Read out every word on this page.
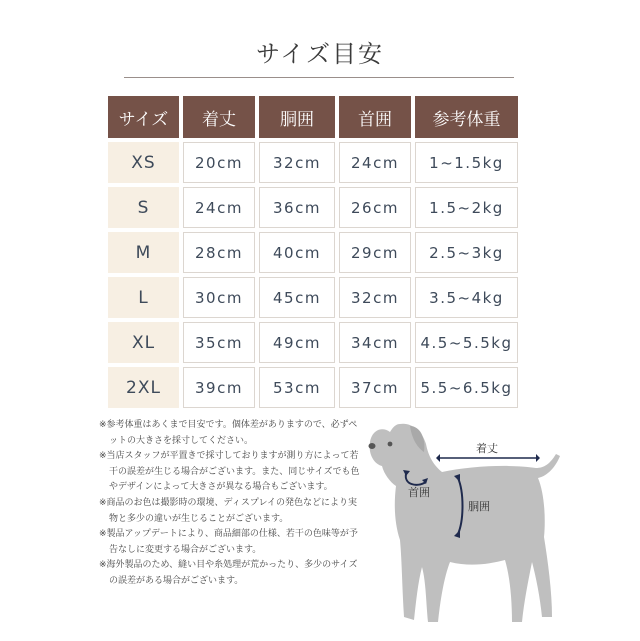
サイズ目安
サイズ	着丈	胴囲	首囲	参考体重
XS	20cm	32cm	24cm	1~1.5kg
S	24cm	36cm	26cm	1.5~2kg
M	28cm	40cm	29cm	2.5~3kg
L	30cm	45cm	32cm	3.5~4kg
XL	35cm	49cm	34cm	4.5~5.5kg
2XL	39cm	53cm	37cm	5.5~6.5kg

※参考体重はあくまで目安です。個体差がありますので、必ずペットの大きさを採寸してください。

※当店スタッフが平置きで採寸しておりますが測り方によって若干の誤差が生じる場合がございます。また、同じサイズでも色やデザインによって大きさが異なる場合もございます。

※商品のお色は撮影時の環境、ディスプレイの発色などにより実物と多少の違いが生じることがございます。

※製品アップデートにより、商品細部の仕様、若干の色味等が予告なしに変更する場合がございます。

※海外製品のため、縫い目や糸処理が荒かったり、多少のサイズの誤差がある場合がございます。

着丈
首囲
胴囲
